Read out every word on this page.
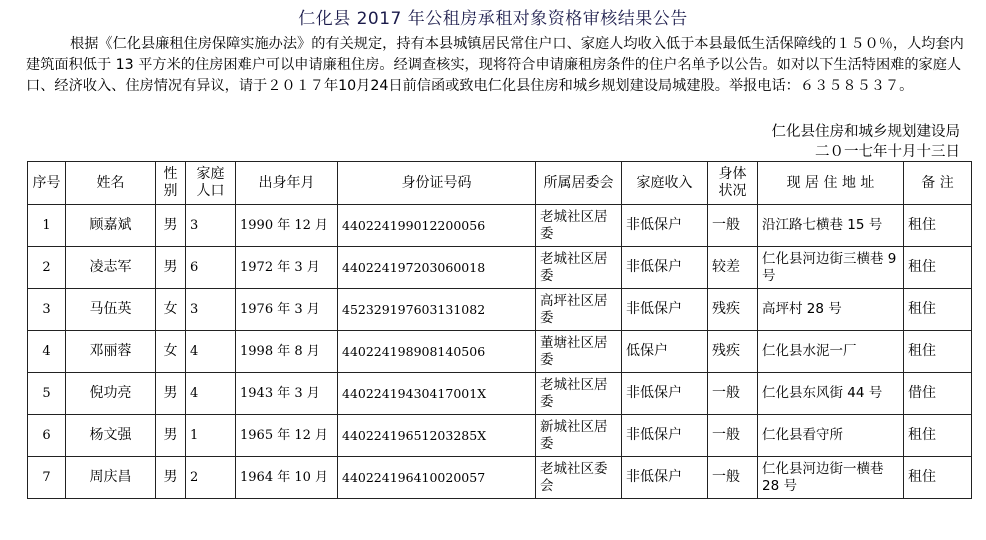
仁化县 2017 年公租房承租对象资格审核结果公告
根据《仁化县廉租住房保障实施办法》的有关规定，持有本县城镇居民常住户口、家庭人均收入低于本县最低生活保障线的１５０％，人均套内建筑面积低于 13 平方米的住房困难户可以申请廉租住房。经调查核实，现将符合申请廉租房条件的住户名单予以公告。如对以下生活特困难的家庭人口、经济收入、住房情况有异议，请于２０１７年10月24日前信函或致电仁化县住房和城乡规划建设局城建股。举报电话：６３５８５３７。
仁化县住房和城乡规划建设局
二０一七年十月十三日
序号	姓名	性别	家庭人口	出身年月	身份证号码	所属居委会	家庭收入	身体状况	现 居 住 地 址	备 注
1	顾嘉斌	男	3	1990 年 12 月	440224199012200056	老城社区居委	非低保户	一般	沿江路七横巷 15 号	租住
2	凌志军	男	6	1972 年 3 月	440224197203060018	老城社区居委	非低保户	较差	仁化县河边街三横巷 9 号	租住
3	马伍英	女	3	1976 年 3 月	452329197603131082	高坪社区居委	非低保户	残疾	高坪村 28 号	租住
4	邓丽蓉	女	4	1998 年 8 月	440224198908140506	董塘社区居委	低保户	残疾	仁化县水泥一厂	租住
5	倪功亮	男	4	1943 年 3 月	44022419430417001X	老城社区居委	非低保户	一般	仁化县东风街 44 号	借住
6	杨文强	男	1	1965 年 12 月	44022419651203285X	新城社区居委	非低保户	一般	仁化县看守所	租住
7	周庆昌	男	2	1964 年 10 月	440224196410020057	老城社区委会	非低保户	一般	仁化县河边街一横巷 28 号	租住
